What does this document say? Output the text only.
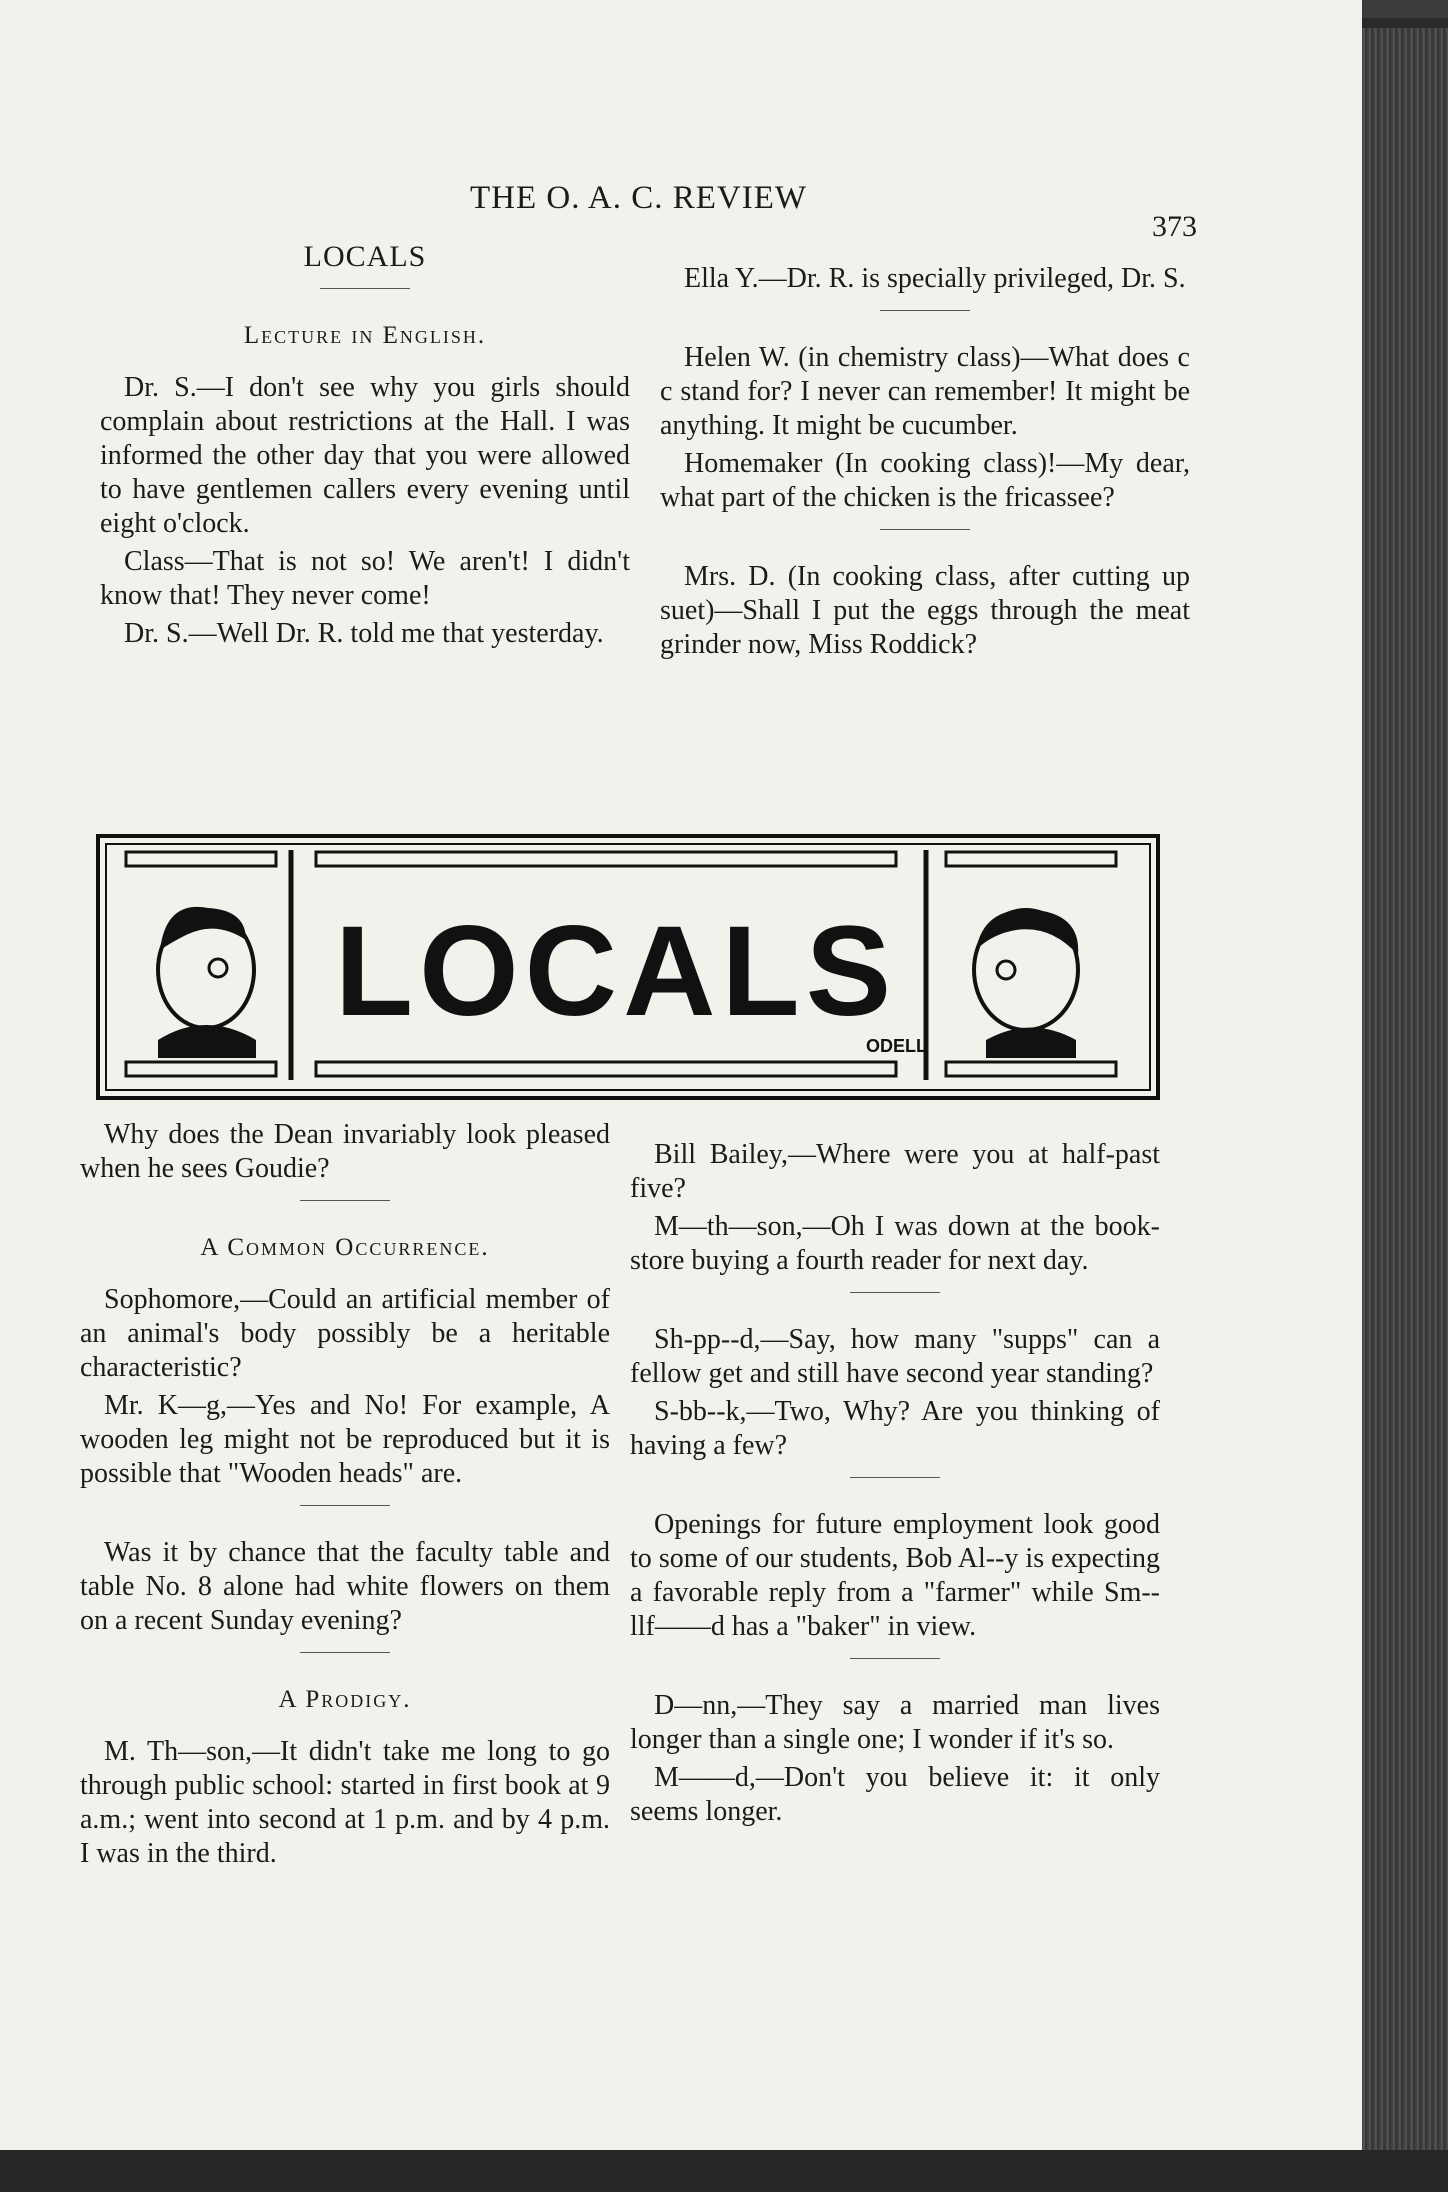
THE O. A. C. REVIEW
373
LOCALS
Lecture in English.

Dr. S.—I don't see why you girls should complain about restrictions at the Hall. I was informed the other day that you were allowed to have gentlemen callers every evening until eight o'clock.

Class—That is not so! We aren't! I didn't know that! They never come!

Dr. S.—Well Dr. R. told me that yesterday.

Ella Y.—Dr. R. is specially privileged, Dr. S.

Helen W. (in chemistry class)—What does c c stand for? I never can remember! It might be anything. It might be cucumber.

Homemaker (In cooking class)!—My dear, what part of the chicken is the fricassee?

Mrs. D. (In cooking class, after cutting up suet)—Shall I put the eggs through the meat grinder now, Miss Roddick?

LOCALS
ODELL

Why does the Dean invariably look pleased when he sees Goudie?

A Common Occurrence.

Sophomore,—Could an artificial member of an animal's body possibly be a heritable characteristic?

Mr. K—g,—Yes and No! For example, A wooden leg might not be reproduced but it is possible that "Wooden heads" are.

Was it by chance that the faculty table and table No. 8 alone had white flowers on them on a recent Sunday evening?

A Prodigy.

M. Th—son,—It didn't take me long to go through public school: started in first book at 9 a.m.; went into second at 1 p.m. and by 4 p.m. I was in the third.

Bill Bailey,—Where were you at half-past five?

M—th—son,—Oh I was down at the book-store buying a fourth reader for next day.

Sh-pp--d,—Say, how many "supps" can a fellow get and still have second year standing?

S-bb--k,—Two, Why? Are you thinking of having a few?

Openings for future employment look good to some of our students, Bob Al--y is expecting a favorable reply from a "farmer" while Sm--llf——d has a "baker" in view.

D—nn,—They say a married man lives longer than a single one; I wonder if it's so.

M——d,—Don't you believe it: it only seems longer.
